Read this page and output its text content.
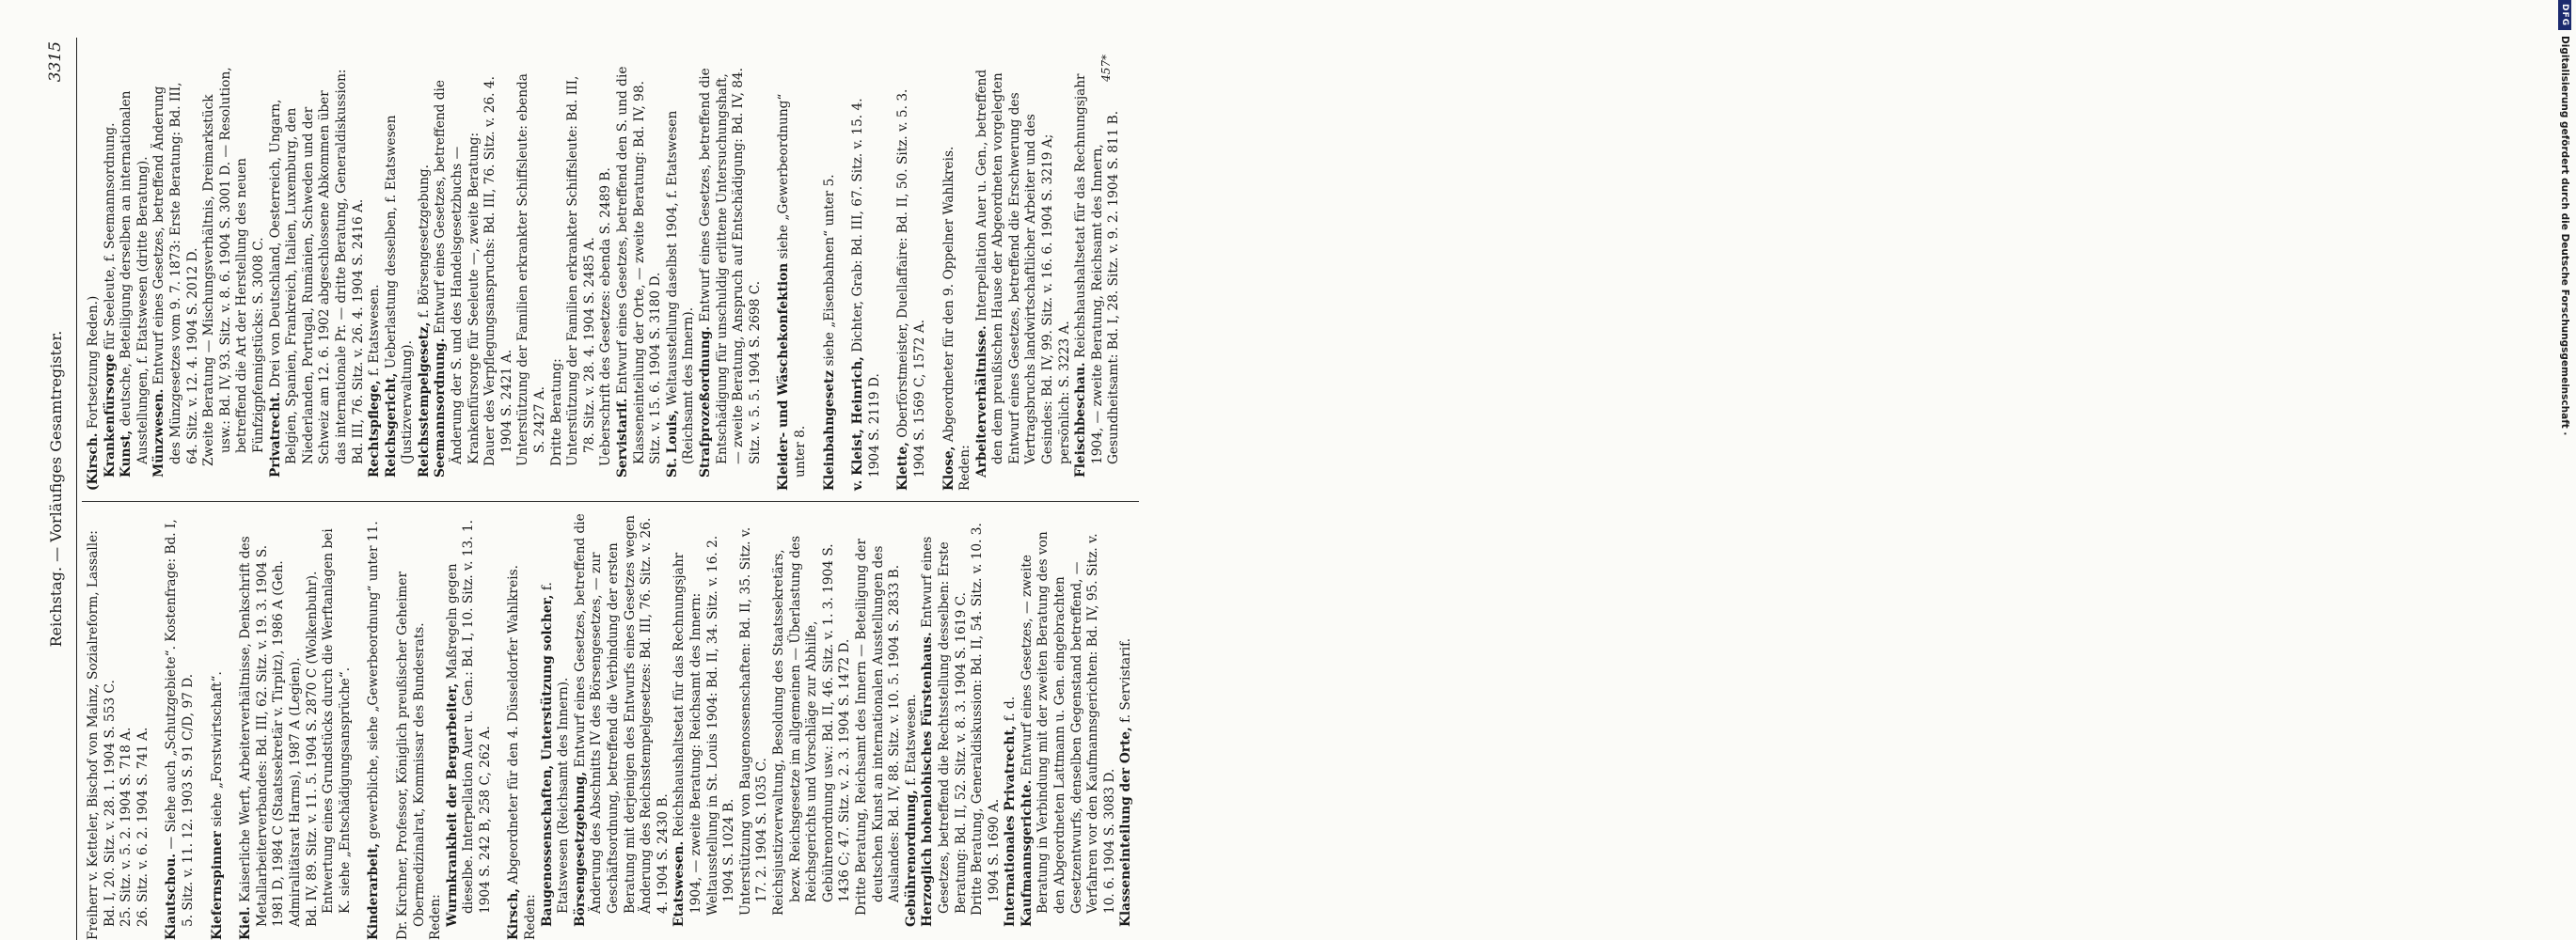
Reichstag. — Vorläufiges Gesamtregister.
3315

Freiherr v. Ketteler, Bischof von Mainz, Sozialreform, Lassalle: Bd. I, 20. Sitz. v. 28. 1. 1904 S. 553 C. 25. Sitz. v. 5. 2. 1904 S. 718 A. 26. Sitz. v. 6. 2. 1904 S. 741 A. Kiautschou. — Siehe auch „Schutzgebiete“. Kostenfrage: Bd. I, 5. Sitz. v. 11. 12. 1903 S. 91 C/D, 97 D. Kiefernspinner siehe „Forstwirtschaft“.

Kiel. Kaiserliche Werft, Arbeiterverhältnisse, Denkschrift des Metallarbeiterverbandes: Bd. III, 62. Sitz. v. 19. 3. 1904 S. 1981 D, 1984 C (Staatssekretär v. Tirpitz), 1986 A (Geh. Admiralitätsrat Harms), 1987 A (Legien). Bd. IV, 89. Sitz. v. 11. 5. 1904 S. 2870 C (Wolkenbuhr). Entwertung eines Grundstücks durch die Werftanlagen bei K. siehe „Entschädigungsansprüche“. Kinderarbeit, gewerbliche, siehe „Gewerbeordnung“ unter 11. Dr. Kirchner, Professor, Königlich preußischer Geheimer Obermedizinalrat, Kommissar des Bundesrats. Reden: Wurmkrankheit der Bergarbeiter, Maßregeln gegen dieselbe. Interpellation Auer u. Gen.: Bd. I, 10. Sitz. v. 13. 1. 1904 S. 242 B, 258 C, 262 A.

Kirsch, Abgeordneter für den 4. Düsseldorfer Wahlkreis.

Reden: Baugenossenschaften, Unterstützung solcher, f. Etatswesen (Reichsamt des Innern). Börsengesetzgebung, Entwurf eines Gesetzes, betreffend die Änderung des Abschnitts IV des Börsengesetzes, — zur Geschäftsordnung, betreffend die Verbindung der ersten Beratung mit derjenigen des Entwurfs eines Gesetzes wegen Änderung des Reichsstempelgesetzes: Bd. III, 76. Sitz. v. 26. 4. 1904 S. 2430 B. Etatswesen. Reichshaushaltsetat für das Rechnungsjahr 1904, — zweite Beratung: Reichsamt des Innern: Weltausstellung in St. Louis 1904: Bd. II, 34. Sitz. v. 16. 2. 1904 S. 1024 B. Unterstützung von Baugenossenschaften: Bd. II, 35. Sitz. v. 17. 2. 1904 S. 1035 C. Reichsjustizverwaltung, Besoldung des Staatssekretärs, bezw. Reichsgesetze im allgemeinen — Überlastung des Reichsgerichts und Vorschläge zur Abhilfe, Gebührenordnung usw.: Bd. II, 46. Sitz. v. 1. 3. 1904 S. 1436 C; 47. Sitz. v. 2. 3. 1904 S. 1472 D. Dritte Beratung, Reichsamt des Innern — Beteiligung der deutschen Kunst an internationalen Ausstellungen des Auslandes: Bd. IV, 88. Sitz. v. 10. 5. 1904 S. 2833 B. Gebührenordnung, f. Etatswesen. Herzoglich hohenlohisches Fürstenhaus. Entwurf eines Gesetzes, betreffend die Rechtsstellung desselben: Erste Beratung: Bd. II, 52. Sitz. v. 8. 3. 1904 S. 1619 C. Dritte Beratung, Generaldiskussion: Bd. II, 54. Sitz. v. 10. 3. 1904 S. 1690 A. Internationales Privatrecht, f. d.

Kaufmannsgerichte. Entwurf eines Gesetzes, — zweite Beratung in Verbindung mit der zweiten Beratung des von den Abgeordneten Lattmann u. Gen. eingebrachten Gesetzentwurfs, denselben Gegenstand betreffend, — Verfahren vor den Kaufmannsgerichten: Bd. IV, 95. Sitz. v. 10. 6. 1904 S. 3083 D. Klasseneinteilung der Orte, f. Servistarif.

(Kirsch. Fortsetzung Reden.) Krankenfürsorge für Seeleute, f. Seemannsordnung.

Kunst, deutsche, Beteiligung derselben an internationalen Ausstellungen, f. Etatswesen (dritte Beratung). Münzwesen. Entwurf eines Gesetzes, betreffend Änderung des Münzgesetzes vom 9. 7. 1873: Erste Beratung: Bd. III, 64. Sitz. v. 12. 4. 1904 S. 2012 D. Zweite Beratung — Mischungsverhältnis, Dreimarkstück usw.: Bd. IV, 93. Sitz. v. 8. 6. 1904 S. 3001 D. — Resolution, betreffend die Art der Herstellung des neuen Fünfzigpfennigstücks: S. 3008 C. Privatrecht. Drei von Deutschland, Oesterreich, Ungarn, Belgien, Spanien, Frankreich, Italien, Luxemburg, den Niederlanden, Portugal, Rumänien, Schweden und der Schweiz am 12. 6. 1902 abgeschlossene Abkommen über das internationale Pr. — dritte Beratung, Generaldiskussion: Bd. III, 76. Sitz. v. 26. 4. 1904 S. 2416 A. Rechtspflege, f. Etatswesen.

Reichsgericht, Ueberlastung desselben, f. Etatswesen (Justizverwaltung). Reichsstempelgesetz, f. Börsengesetzgebung.

Seemannsordnung. Entwurf eines Gesetzes, betreffend die Änderung der S. und des Handelsgesetzbuchs — Krankenfürsorge für Seeleute —, zweite Beratung: Dauer des Verpflegungsanspruchs: Bd. III, 76. Sitz. v. 26. 4. 1904 S. 2421 A. Unterstützung der Familien erkrankter Schiffsleute: ebenda S. 2427 A. Dritte Beratung: Unterstützung der Familien erkrankter Schiffsleute: Bd. III, 78. Sitz. v. 28. 4. 1904 S. 2485 A. Ueberschrift des Gesetzes: ebenda S. 2489 B. Servistarif. Entwurf eines Gesetzes, betreffend den S. und die Klasseneinteilung der Orte, — zweite Beratung: Bd. IV, 98. Sitz. v. 15. 6. 1904 S. 3180 D. St. Louis, Weltausstellung daselbst 1904, f. Etatswesen (Reichsamt des Innern). Strafprozeßordnung. Entwurf eines Gesetzes, betreffend die Entschädigung für unschuldig erlittene Untersuchungshaft, — zweite Beratung, Anspruch auf Entschädigung: Bd. IV, 84. Sitz. v. 5. 5. 1904 S. 2698 C. Kleider- und Wäschekonfektion siehe „Gewerbeordnung“ unter 8. Kleinbahngesetz siehe „Eisenbahnen“ unter 5.

v. Kleist, Heinrich, Dichter, Grab: Bd. III, 67. Sitz. v. 15. 4. 1904 S. 2119 D. Klette, Oberförstmeister, Duellaffaire: Bd. II, 50. Sitz. v. 5. 3. 1904 S. 1569 C, 1572 A. Klose, Abgeordneter für den 9. Oppelner Wahlkreis.

Reden: Arbeiterverhältnisse. Interpellation Auer u. Gen., betreffend den dem preußischen Hause der Abgeordneten vorgelegten Entwurf eines Gesetzes, betreffend die Erschwerung des Vertragsbruchs landwirtschaftlicher Arbeiter und des Gesindes: Bd. IV, 99. Sitz. v. 16. 6. 1904 S. 3219 A; persönlich: S. 3223 A. Fleischbeschau. Reichshaushaltsetat für das Rechnungsjahr 1904, — zweite Beratung, Reichsamt des Innern, Gesundheitsamt: Bd. I, 28. Sitz. v. 9. 2. 1904 S. 811 B.

457*
DFG
Digitalisierung gefördert durch die Deutsche Forschungsgemeinschaft ·
